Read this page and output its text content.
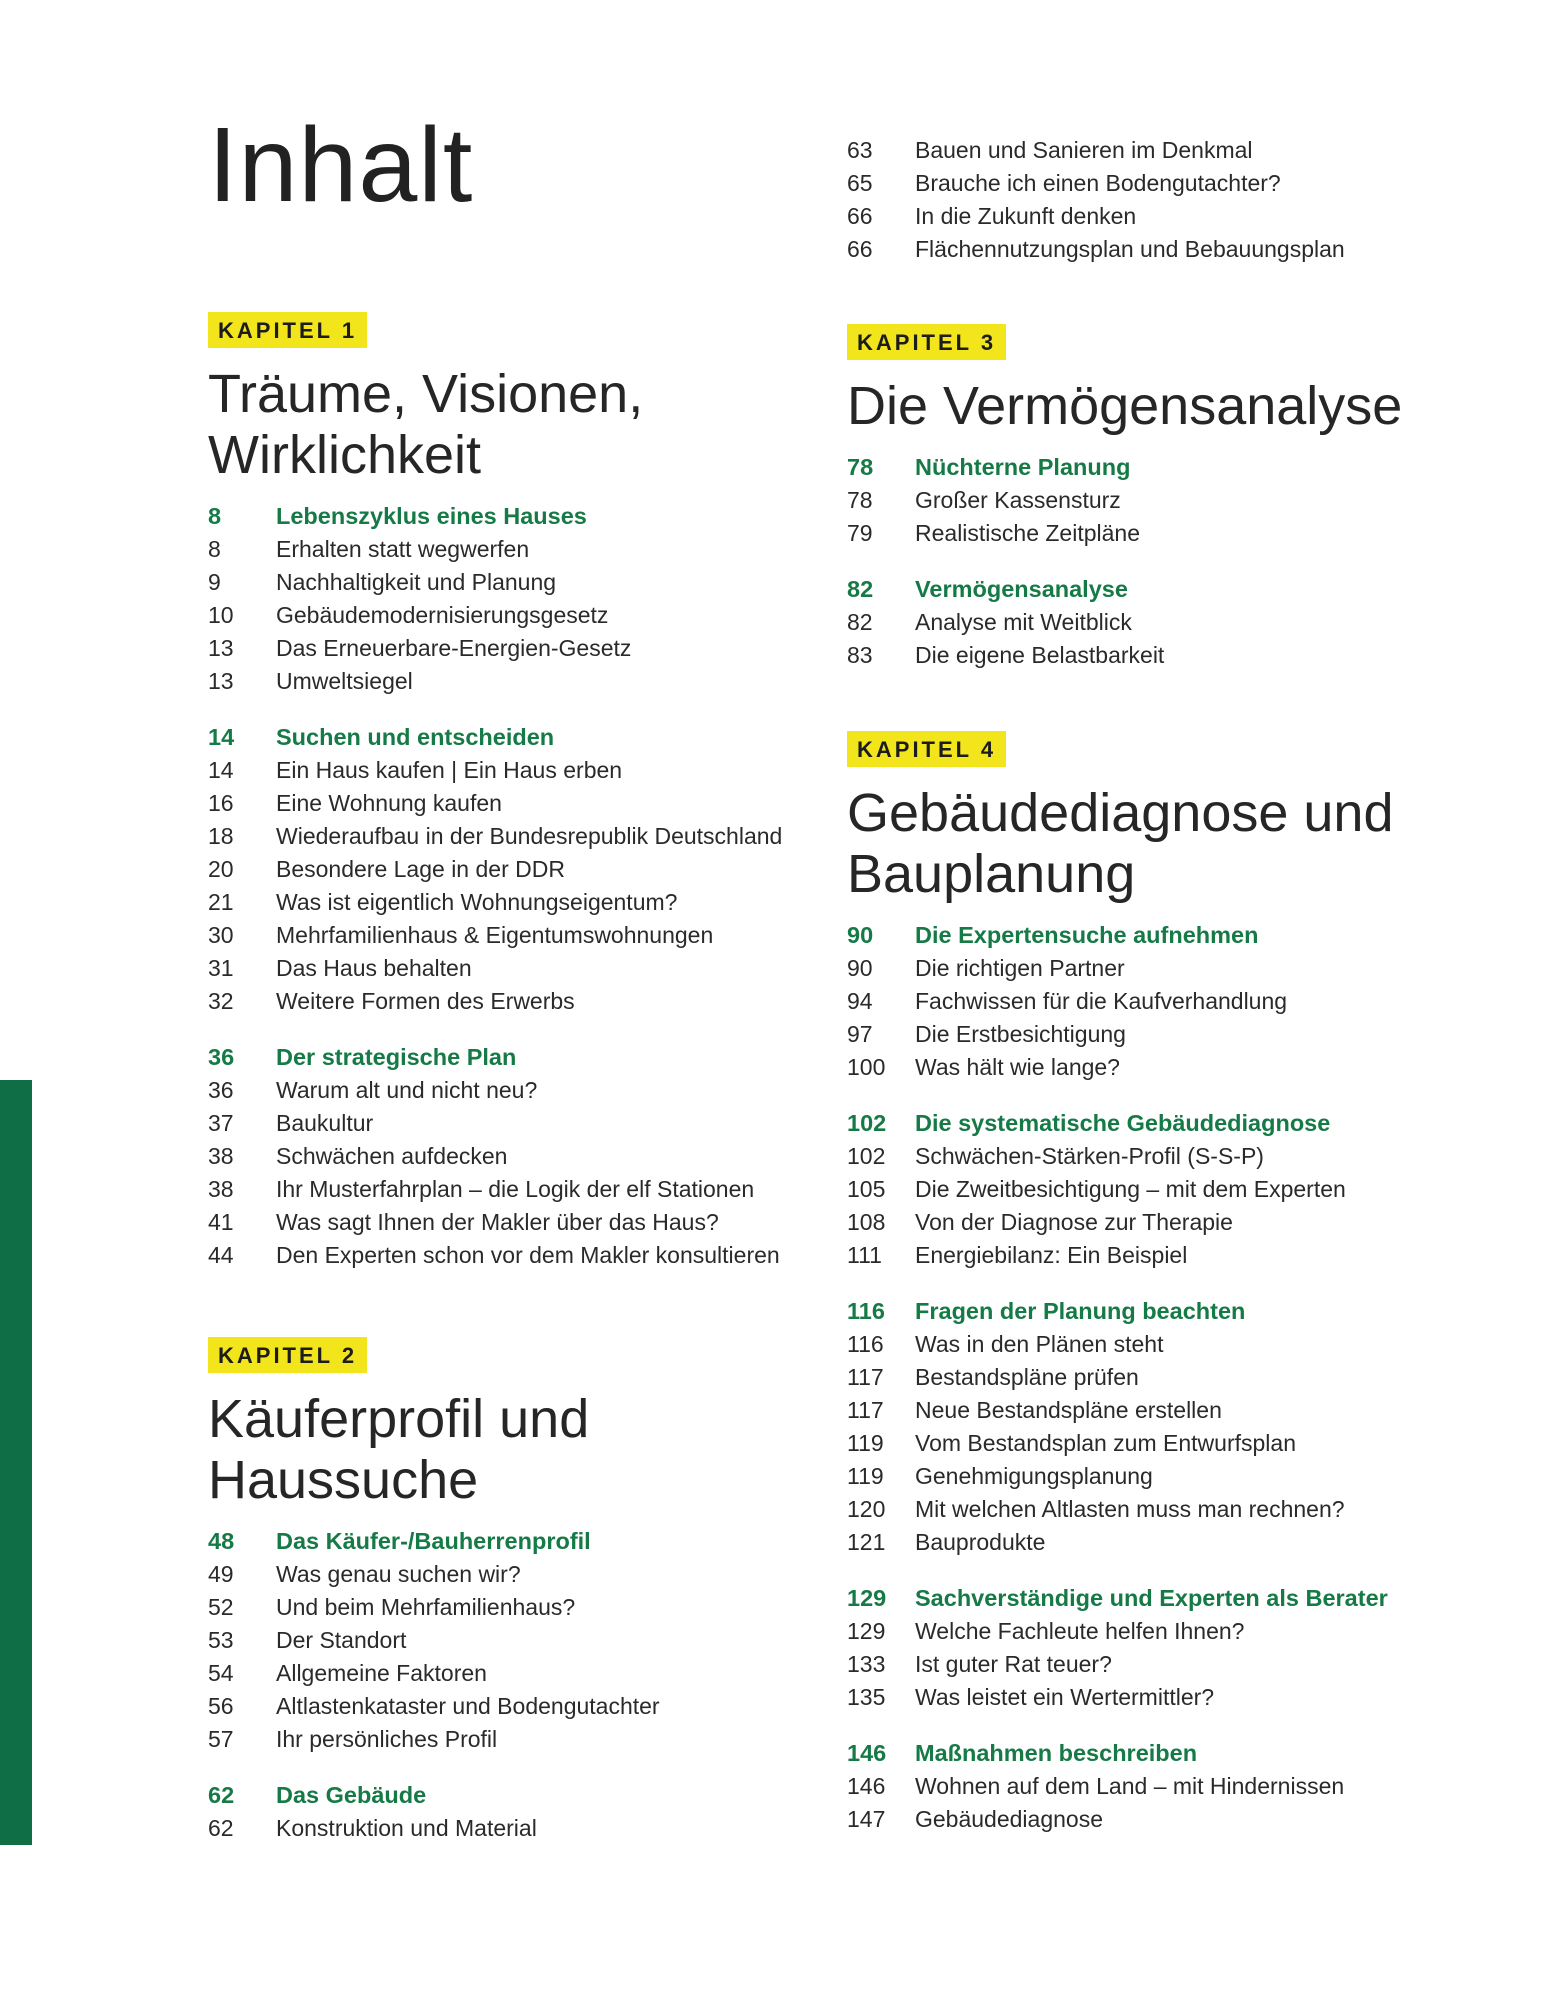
Inhalt
KAPITEL 1
Träume, Visionen, Wirklichkeit
8	Lebenszyklus eines Hauses
8	Erhalten statt wegwerfen
9	Nachhaltigkeit und Planung
10	Gebäudemodernisierungsgesetz
13	Das Erneuerbare-Energien-Gesetz
13	Umweltsiegel
14	Suchen und entscheiden
14	Ein Haus kaufen | Ein Haus erben
16	Eine Wohnung kaufen
18	Wiederaufbau in der Bundesrepublik Deutschland
20	Besondere Lage in der DDR
21	Was ist eigentlich Wohnungseigentum?
30	Mehrfamilienhaus & Eigentumswohnungen
31	Das Haus behalten
32	Weitere Formen des Erwerbs
36	Der strategische Plan
36	Warum alt und nicht neu?
37	Baukultur
38	Schwächen aufdecken
38	Ihr Musterfahrplan – die Logik der elf Stationen
41	Was sagt Ihnen der Makler über das Haus?
44	Den Experten schon vor dem Makler konsultieren
KAPITEL 2
Käuferprofil und Haussuche
48	Das Käufer-/Bauherrenprofil
49	Was genau suchen wir?
52	Und beim Mehrfamilienhaus?
53	Der Standort
54	Allgemeine Faktoren
56	Altlastenkataster und Bodengutachter
57	Ihr persönliches Profil
62	Das Gebäude
62	Konstruktion und Material
63	Bauen und Sanieren im Denkmal
65	Brauche ich einen Bodengutachter?
66	In die Zukunft denken
66	Flächennutzungsplan und Bebauungsplan
KAPITEL 3
Die Vermögensanalyse
78	Nüchterne Planung
78	Großer Kassensturz
79	Realistische Zeitpläne
82	Vermögensanalyse
82	Analyse mit Weitblick
83	Die eigene Belastbarkeit
KAPITEL 4
Gebäudediagnose und Bauplanung
90	Die Expertensuche aufnehmen
90	Die richtigen Partner
94	Fachwissen für die Kaufverhandlung
97	Die Erstbesichtigung
100	Was hält wie lange?
102	Die systematische Gebäudediagnose
102	Schwächen-Stärken-Profil (S-S-P)
105	Die Zweitbesichtigung – mit dem Experten
108	Von der Diagnose zur Therapie
111	Energiebilanz: Ein Beispiel
116	Fragen der Planung beachten
116	Was in den Plänen steht
117	Bestandspläne prüfen
117	Neue Bestandspläne erstellen
119	Vom Bestandsplan zum Entwurfsplan
119	Genehmigungsplanung
120	Mit welchen Altlasten muss man rechnen?
121	Bauprodukte
129	Sachverständige und Experten als Berater
129	Welche Fachleute helfen Ihnen?
133	Ist guter Rat teuer?
135	Was leistet ein Wertermittler?
146	Maßnahmen beschreiben
146	Wohnen auf dem Land – mit Hindernissen
147	Gebäudediagnose
